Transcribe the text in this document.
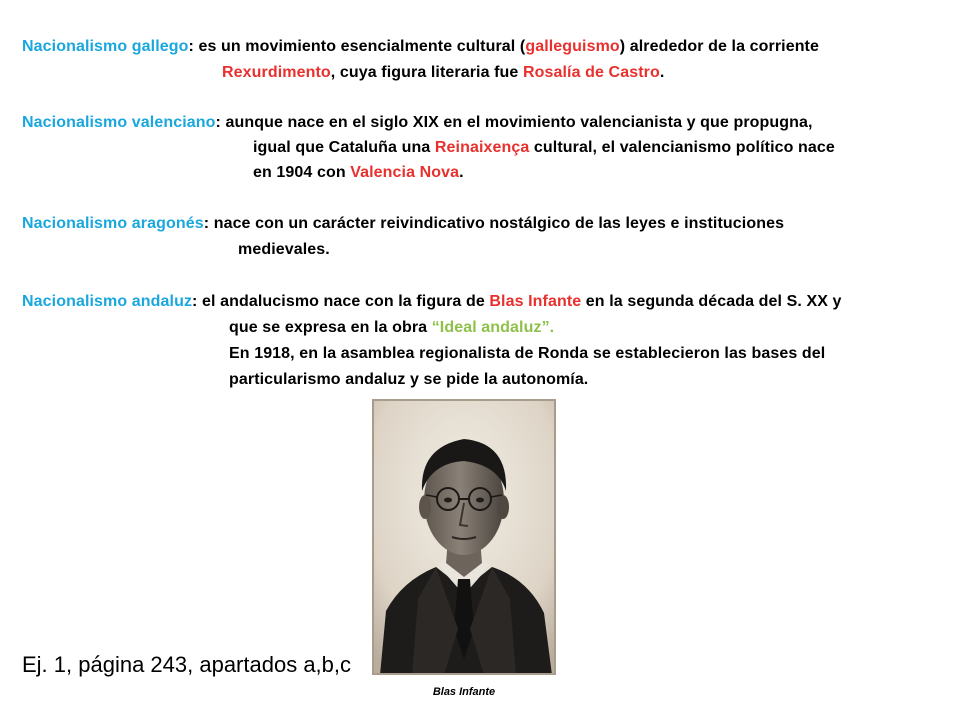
Nacionalismo gallego: es un movimiento esencialmente cultural (galleguismo) alrededor de la corriente
Rexurdimento, cuya figura literaria fue Rosalía de Castro.
Nacionalismo valenciano: aunque nace en el siglo XIX en el movimiento valencianista y que propugna,
igual que Cataluña una Reinaixença cultural, el valencianismo político nace
en 1904 con Valencia Nova.
Nacionalismo aragonés: nace con un carácter reivindicativo nostálgico de las leyes e instituciones
medievales.
Nacionalismo andaluz: el andalucismo nace con la figura de Blas Infante en la segunda década del S. XX y
que se expresa en la obra “Ideal andaluz”.
En 1918, en la asamblea regionalista de Ronda se establecieron las bases del
particularismo andaluz y se pide la autonomía.
Blas Infante
Ej. 1, página 243, apartados a,b,c
